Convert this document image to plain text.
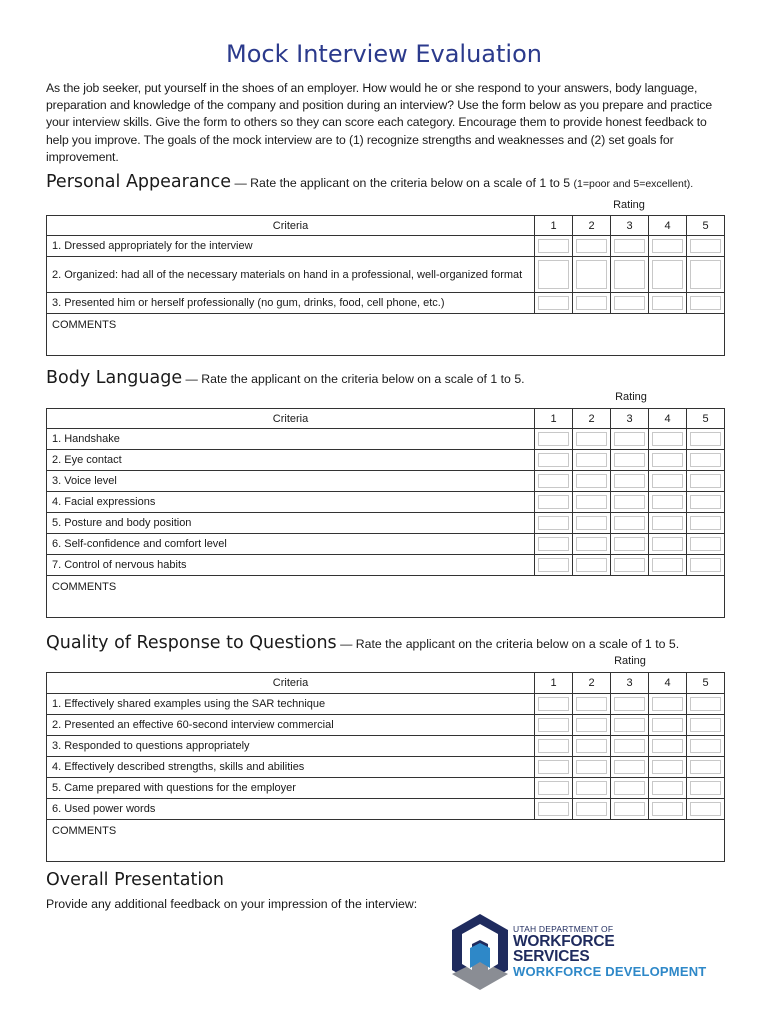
Mock Interview Evaluation
As the job seeker, put yourself in the shoes of an employer. How would he or she respond to your answers, body language, preparation and knowledge of the company and position during an interview? Use the form below as you prepare and practice your interview skills. Give the form to others so they can score each category. Encourage them to provide honest feedback to help you improve. The goals of the mock interview are to (1) recognize strengths and weaknesses and (2) set goals for improvement.
Personal Appearance — Rate the applicant on the criteria below on a scale of 1 to 5 (1=poor and 5=excellent).
Rating
Criteria	1	2	3	4	5
1. Dressed appropriately for the interview	

2. Organized: had all of the necessary materials on hand in a professional, well-organized format	

3. Presented him or herself professionally (no gum, drinks, food, cell phone, etc.)	

COMMENTS					
Body Language — Rate the applicant on the criteria below on a scale of 1 to 5.
Rating
Criteria	1	2	3	4	5
1. Handshake	

2. Eye contact	

3. Voice level	

4. Facial expressions	

5. Posture and body position	

6. Self-confidence and comfort level	

7. Control of nervous habits	

COMMENTS					
Quality of Response to Questions — Rate the applicant on the criteria below on a scale of 1 to 5.
Rating
Criteria	1	2	3	4	5
1. Effectively shared examples using the SAR technique	

2. Presented an effective 60-second interview commercial	

3. Responded to questions appropriately	

4. Effectively described strengths, skills and abilities	

5. Came prepared with questions for the employer	

6. Used power words	

COMMENTS					
Overall Presentation
Provide any additional feedback on your impression of the interview:
UTAH DEPARTMENT OF
WORKFORCE
SERVICES
WORKFORCE DEVELOPMENT
